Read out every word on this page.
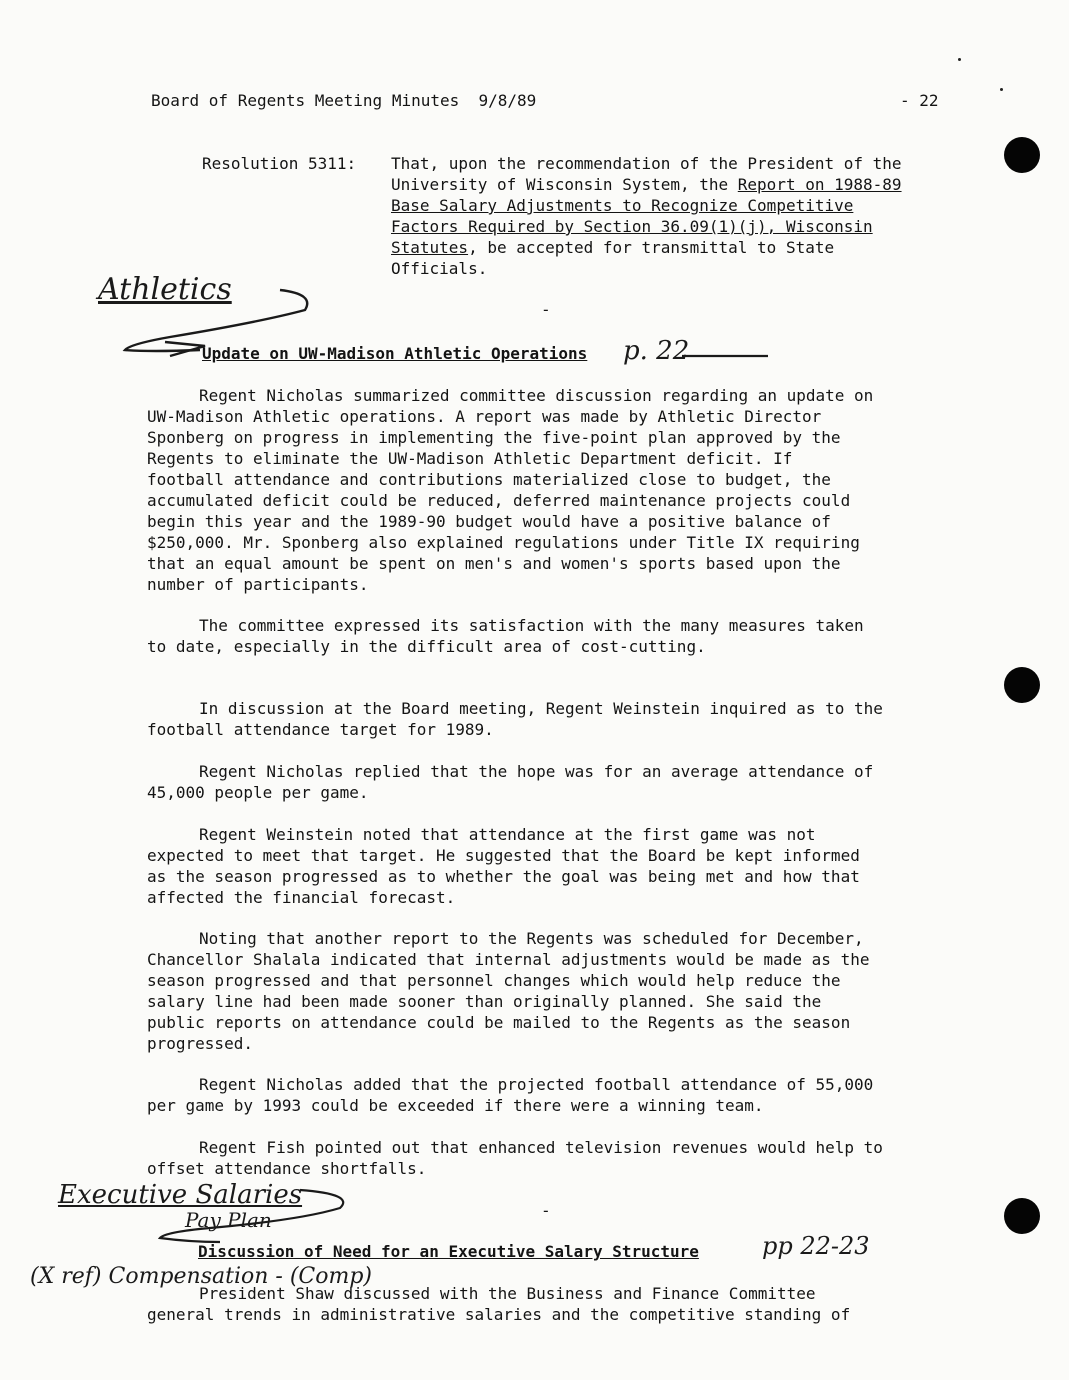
Board of Regents Meeting Minutes  9/8/89	- 22
Resolution 5311: That, upon the recommendation of the President of the
University of Wisconsin System, the Report on 1988-89
Base Salary Adjustments to Recognize Competitive
Factors Required by Section 36.09(1)(j), Wisconsin
Statutes, be accepted for transmittal to State
Officials.
Athletics
-
Update on UW-Madison Athletic Operations p. 22

Regent Nicholas summarized committee discussion regarding an update on
UW-Madison Athletic operations. A report was made by Athletic Director
Sponberg on progress in implementing the five-point plan approved by the
Regents to eliminate the UW-Madison Athletic Department deficit. If
football attendance and contributions materialized close to budget, the
accumulated deficit could be reduced, deferred maintenance projects could
begin this year and the 1989-90 budget would have a positive balance of
$250,000. Mr. Sponberg also explained regulations under Title IX requiring
that an equal amount be spent on men's and women's sports based upon the
number of participants.

The committee expressed its satisfaction with the many measures taken
to date, especially in the difficult area of cost-cutting.

In discussion at the Board meeting, Regent Weinstein inquired as to the
football attendance target for 1989.

Regent Nicholas replied that the hope was for an average attendance of
45,000 people per game.

Regent Weinstein noted that attendance at the first game was not
expected to meet that target. He suggested that the Board be kept informed
as the season progressed as to whether the goal was being met and how that
affected the financial forecast.

Noting that another report to the Regents was scheduled for December,
Chancellor Shalala indicated that internal adjustments would be made as the
season progressed and that personnel changes which would help reduce the
salary line had been made sooner than originally planned. She said the
public reports on attendance could be mailed to the Regents as the season
progressed.

Regent Nicholas added that the projected football attendance of 55,000
per game by 1993 could be exceeded if there were a winning team.

Regent Fish pointed out that enhanced television revenues would help to
offset attendance shortfalls.

Executive Salaries
Pay Plan	-
Discussion of Need for an Executive Salary Structure	pp 22-23
(X ref) Compensation - (Comp)

President Shaw discussed with the Business and Finance Committee
general trends in administrative salaries and the competitive standing of
